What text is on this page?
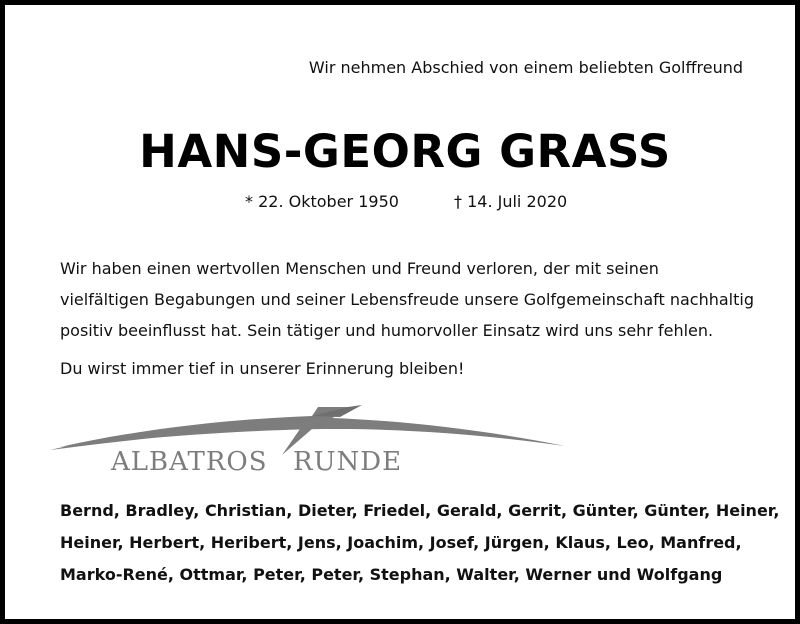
Wir nehmen Abschied von einem beliebten Golffreund
HANS-GEORG GRASS
* 22. Oktober 1950	† 14. Juli 2020
Wir haben einen wertvollen Menschen und Freund verloren, der mit seinen
vielfältigen Begabungen und seiner Lebensfreude unsere Golfgemeinschaft nachhaltig
positiv beeinflusst hat. Sein tätiger und humorvoller Einsatz wird uns sehr fehlen.
Du wirst immer tief in unserer Erinnerung bleiben!
ALBATROS RUNDE
Bernd, Bradley, Christian, Dieter, Friedel, Gerald, Gerrit, Günter, Günter, Heiner,
Heiner, Herbert, Heribert, Jens, Joachim, Josef, Jürgen, Klaus, Leo, Manfred,
Marko-René, Ottmar, Peter, Peter, Stephan, Walter, Werner und Wolfgang
